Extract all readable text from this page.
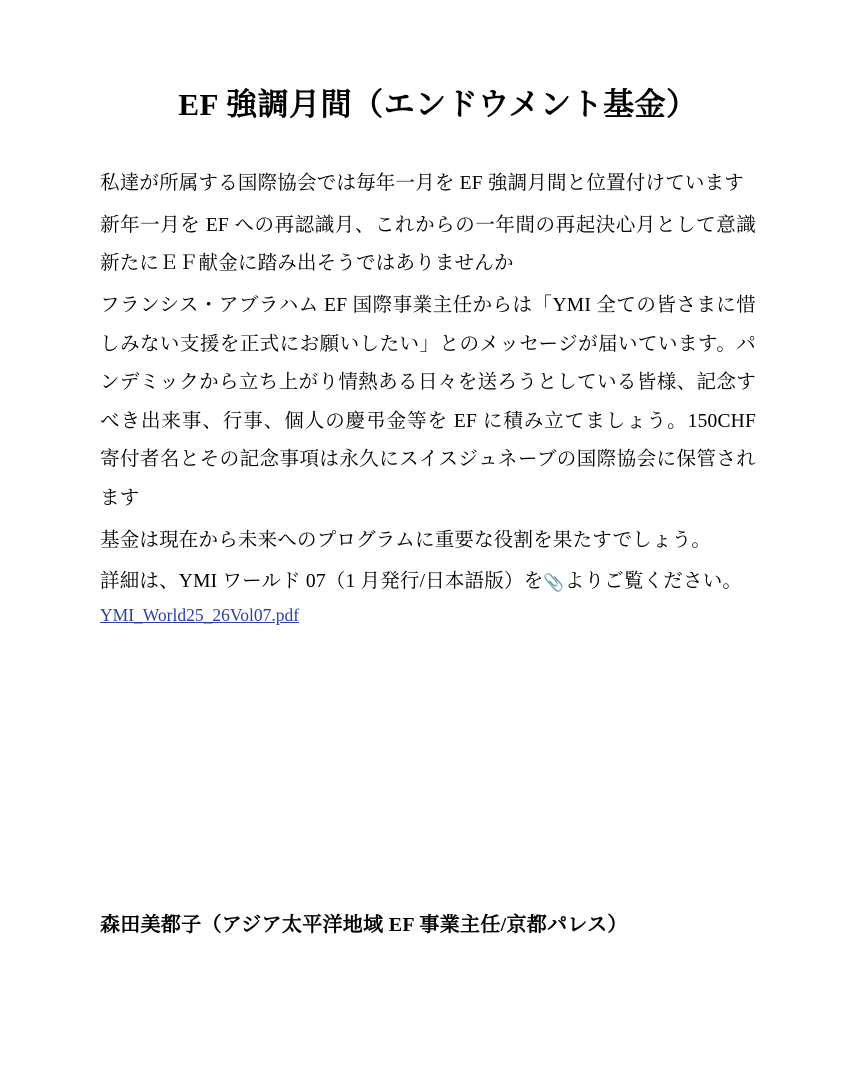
EF 強調月間（エンドウメント基金）

私達が所属する国際協会では毎年一月を EF 強調月間と位置付けています

新年一月を EF への再認識月、これからの一年間の再起決心月として意識新たにＥＦ献金に踏み出そうではありませんか

フランシス・アブラハム EF 国際事業主任からは「YMI 全ての皆さまに惜しみない支援を正式にお願いしたい」とのメッセージが届いています。パンデミックから立ち上がり情熱ある日々を送ろうとしている皆様、記念すべき出来事、行事、個人の慶弔金等を EF に積み立てましょう。150CHF 寄付者名とその記念事項は永久にスイスジュネーブの国際協会に保管されます

基金は現在から未来へのプログラムに重要な役割を果たすでしょう。

詳細は、YMI ワールド 07（1 月発行/日本語版）を📎よりご覧ください。

YMI_World25_26Vol07.pdf
森田美都子（アジア太平洋地域 EF 事業主任/京都パレス）
